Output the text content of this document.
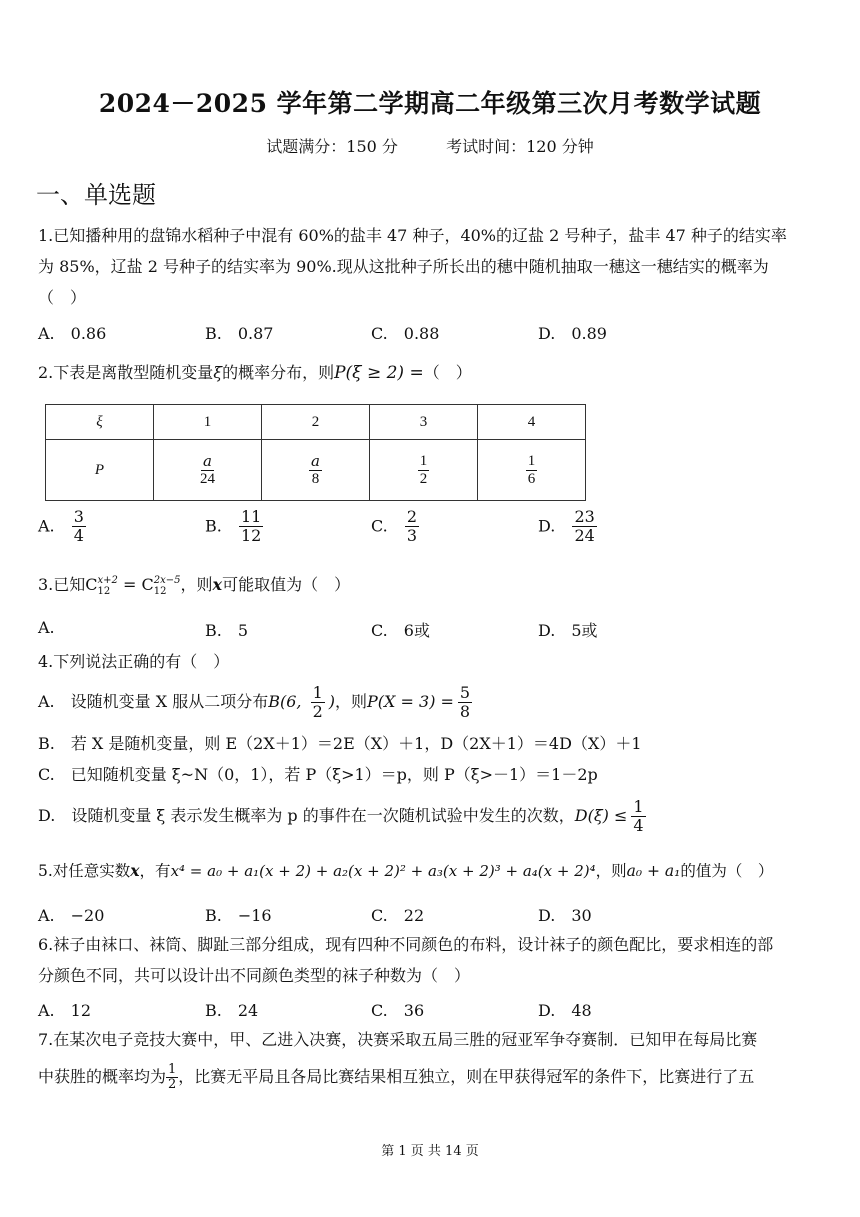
2024－2025 学年第二学期高二年级第三次月考数学试题
试题满分：150 分	考试时间：120 分钟
一、单选题
1.已知播种用的盘锦水稻种子中混有 60%的盐丰 47 种子，40%的辽盐 2 号种子，盐丰 47 种子的结实率
为 85%，辽盐 2 号种子的结实率为 90%.现从这批种子所长出的穗中随机抽取一穗这一穗结实的概率为
（　）
A.　0.86	B.　0.87	C.　0.88	D.　0.89
2.下表是离散型随机变量ξ的概率分布，则P(ξ ≥ 2) =（　）
ξ	1	2	3	4
P	$\frac{a}{24}$	$\frac{a}{8}$	$\frac{1}{2}$	$\frac{1}{6}$
A. $\frac{3}{4}$	B. $\frac{11}{12}$	C. $\frac{2}{3}$	D. $\frac{23}{24}$
3.已知C x+2
12 = C 2x−5
12 ，则x可能取值为（　）
A.	B.　5	C.　6或	D.　5或
4.下列说法正确的有（　）
A.　设随机变量 X 服从二项分布B(6, $\frac{1}{2}$ )，则$P(X = 3) = \frac{5}{8}$
B.　若 X 是随机变量，则 E（2X＋1）＝2E（X）＋1，D（2X＋1）＝4D（X）＋1
C.　已知随机变量 ξ~N（0，1），若 P（ξ>1）＝p，则 P（ξ>－1）＝1－2p
D.　设随机变量 ξ 表示发生概率为 p 的事件在一次随机试验中发生的次数，$D(\xi) \le \frac{1}{4}$
5.对任意实数x，有x⁴ = a₀ + a₁(x + 2) + a₂(x + 2)² + a₃(x + 2)³ + a₄(x + 2)⁴，则a₀ + a₁的值为（　）
A.　−20	B.　−16	C.　22	D.　30
6.袜子由袜口、袜筒、脚趾三部分组成，现有四种不同颜色的布料，设计袜子的颜色配比，要求相连的部
分颜色不同，共可以设计出不同颜色类型的袜子种数为（　）
A.　12	B.　24	C.　36	D.　48
7.在某次电子竞技大赛中，甲、乙进入决赛，决赛采取五局三胜的冠亚军争夺赛制．已知甲在每局比赛
中获胜的概率均为 $\frac{1}{2}$ ，比赛无平局且各局比赛结果相互独立，则在甲获得冠军的条件下，比赛进行了五
第 1 页 共 14 页
